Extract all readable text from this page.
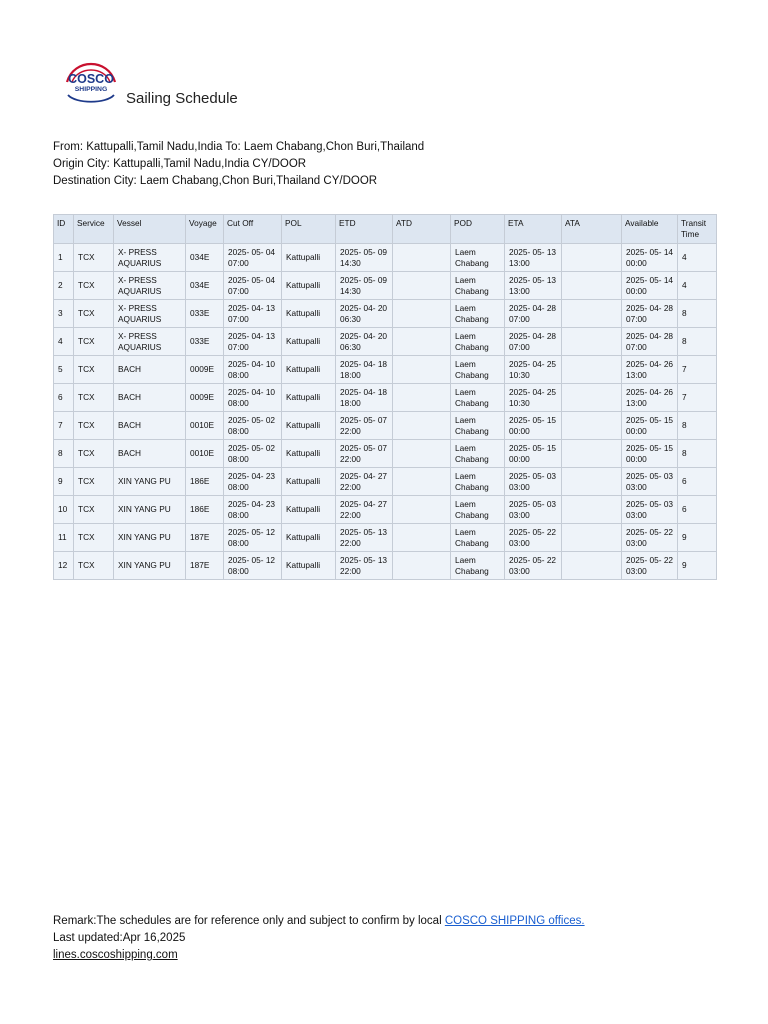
COSCO
SHIPPING
Sailing Schedule
From: Kattupalli,Tamil Nadu,India To: Laem Chabang,Chon Buri,Thailand
Origin City: Kattupalli,Tamil Nadu,India CY/DOOR
Destination City: Laem Chabang,Chon Buri,Thailand CY/DOOR
ID	Service	Vessel	Voyage	Cut Off	POL	ETD	ATD	POD	ETA	ATA	Available	Transit Time
1	TCX	X- PRESS AQUARIUS	034E	2025- 05- 04 07:00	Kattupalli	2025- 05- 09 14:30		Laem Chabang	2025- 05- 13 13:00		2025- 05- 14 00:00	4
2	TCX	X- PRESS AQUARIUS	034E	2025- 05- 04 07:00	Kattupalli	2025- 05- 09 14:30		Laem Chabang	2025- 05- 13 13:00		2025- 05- 14 00:00	4
3	TCX	X- PRESS AQUARIUS	033E	2025- 04- 13 07:00	Kattupalli	2025- 04- 20 06:30		Laem Chabang	2025- 04- 28 07:00		2025- 04- 28 07:00	8
4	TCX	X- PRESS AQUARIUS	033E	2025- 04- 13 07:00	Kattupalli	2025- 04- 20 06:30		Laem Chabang	2025- 04- 28 07:00		2025- 04- 28 07:00	8
5	TCX	BACH	0009E	2025- 04- 10 08:00	Kattupalli	2025- 04- 18 18:00		Laem Chabang	2025- 04- 25 10:30		2025- 04- 26 13:00	7
6	TCX	BACH	0009E	2025- 04- 10 08:00	Kattupalli	2025- 04- 18 18:00		Laem Chabang	2025- 04- 25 10:30		2025- 04- 26 13:00	7
7	TCX	BACH	0010E	2025- 05- 02 08:00	Kattupalli	2025- 05- 07 22:00		Laem Chabang	2025- 05- 15 00:00		2025- 05- 15 00:00	8
8	TCX	BACH	0010E	2025- 05- 02 08:00	Kattupalli	2025- 05- 07 22:00		Laem Chabang	2025- 05- 15 00:00		2025- 05- 15 00:00	8
9	TCX	XIN YANG PU	186E	2025- 04- 23 08:00	Kattupalli	2025- 04- 27 22:00		Laem Chabang	2025- 05- 03 03:00		2025- 05- 03 03:00	6
10	TCX	XIN YANG PU	186E	2025- 04- 23 08:00	Kattupalli	2025- 04- 27 22:00		Laem Chabang	2025- 05- 03 03:00		2025- 05- 03 03:00	6
11	TCX	XIN YANG PU	187E	2025- 05- 12 08:00	Kattupalli	2025- 05- 13 22:00		Laem Chabang	2025- 05- 22 03:00		2025- 05- 22 03:00	9
12	TCX	XIN YANG PU	187E	2025- 05- 12 08:00	Kattupalli	2025- 05- 13 22:00		Laem Chabang	2025- 05- 22 03:00		2025- 05- 22 03:00	9
Remark:The schedules are for reference only and subject to confirm by local COSCO SHIPPING offices.
Last updated:Apr 16,2025
lines.coscoshipping.com
